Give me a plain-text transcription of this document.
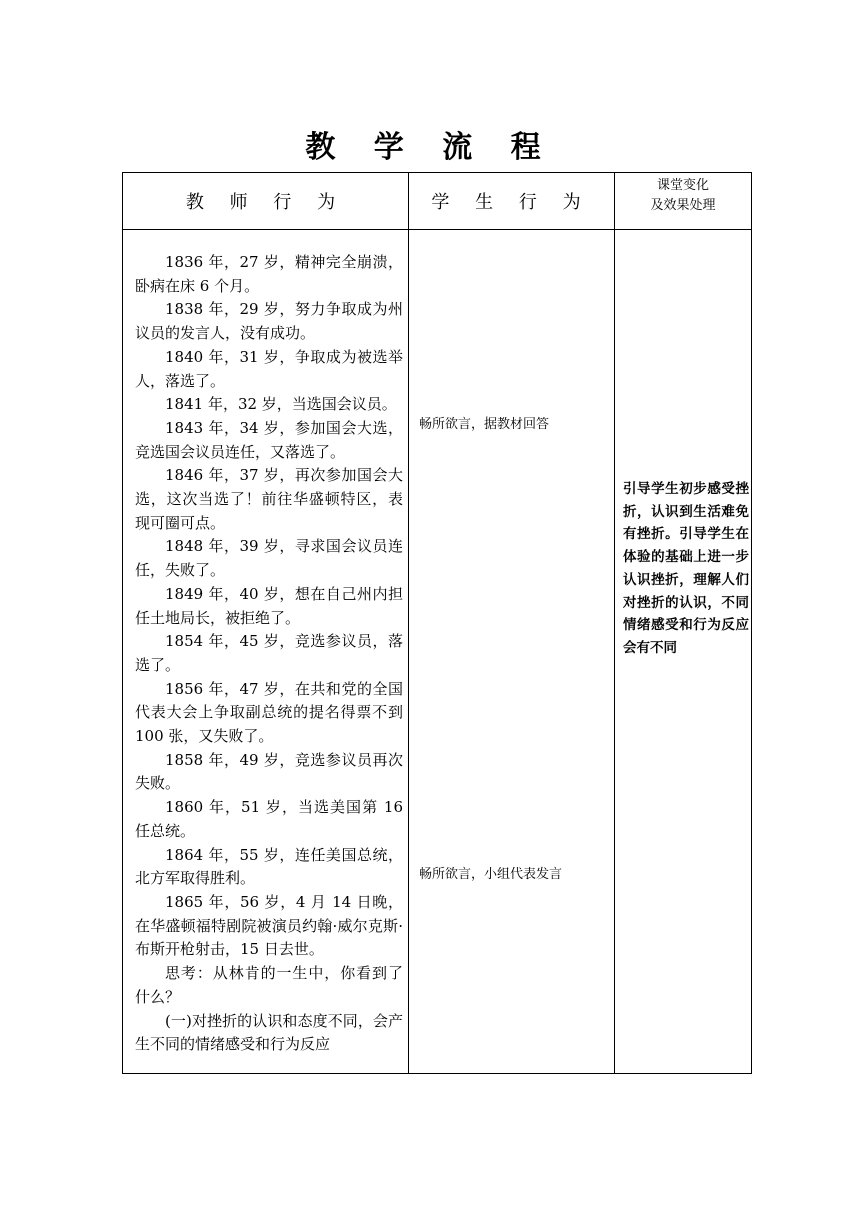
教 学 流 程
教 师 行 为	学 生 行 为
课堂变化
及效果处理

1836 年，27 岁，精神完全崩溃，卧病在床 6 个月。

1838 年，29 岁，努力争取成为州议员的发言人，没有成功。

1840 年，31 岁，争取成为被选举人，落选了。

1841 年，32 岁，当选国会议员。

1843 年，34 岁，参加国会大选，竞选国会议员连任，又落选了。

1846 年，37 岁，再次参加国会大选，这次当选了！前往华盛顿特区，表现可圈可点。

1848 年，39 岁，寻求国会议员连任，失败了。

1849 年，40 岁，想在自己州内担任土地局长，被拒绝了。

1854 年，45 岁，竞选参议员，落选了。

1856 年，47 岁，在共和党的全国代表大会上争取副总统的提名得票不到 100 张，又失败了。

1858 年，49 岁，竞选参议员再次失败。

1860 年，51 岁，当选美国第 16 任总统。

1864 年，55 岁，连任美国总统，北方军取得胜利。

1865 年，56 岁，4 月 14 日晚，在华盛顿福特剧院被演员约翰·威尔克斯·布斯开枪射击，15 日去世。

思考：从林肯的一生中，你看到了什么？

(一)对挫折的认识和态度不同，会产生不同的情绪感受和行为反应

畅所欲言，据教材回答
畅所欲言，小组代表发言
引导学生初步感受挫折，认识到生活难免有挫折。引导学生在体验的基础上进一步认识挫折，理解人们对挫折的认识，不同情绪感受和行为反应会有不同
